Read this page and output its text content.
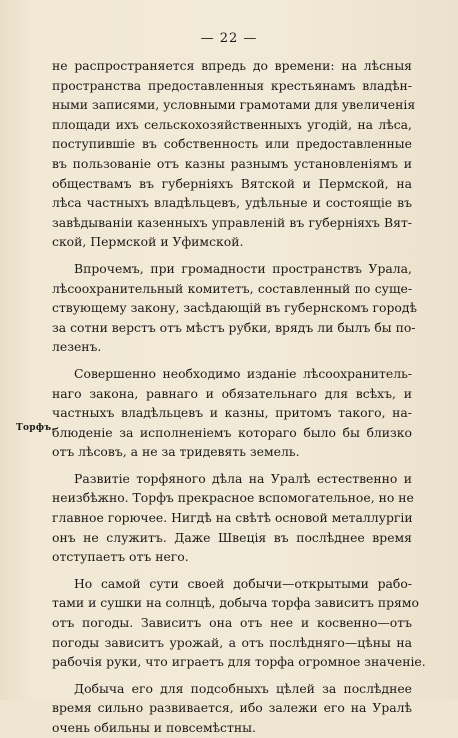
— 22 —
Торфъ.
не распространяется впредь до времени: на лѣсныя
пространства предоставленныя крестьянамъ владѣн-
ными записями, условными грамотами для увеличенія
площади ихъ сельскохозяйственныхъ угодій, на лѣса,
поступившіе въ собственность или предоставленные
въ пользованіе отъ казны разнымъ установленіямъ и
обществамъ въ губерніяхъ Вятской и Пермской, на
лѣса частныхъ владѣльцевъ, удѣльные и состоящіе въ
завѣдываніи казенныхъ управленій въ губерніяхъ Вят-
ской, Пермской и Уфимской.
Впрочемъ, при громадности пространствъ Урала,
лѣсоохранительный комитетъ, составленный по суще-
ствующему закону, засѣдающій въ губернскомъ городѣ
за сотни верстъ отъ мѣстъ рубки, врядъ ли былъ бы по-
лезенъ.
Совершенно необходимо изданіе лѣсоохранитель-
наго закона, равнаго и обязательнаго для всѣхъ, и
частныхъ владѣльцевъ и казны, притомъ такого, на-
блюденіе за исполненіемъ котораго было бы близко
отъ лѣсовъ, а не за тридевять земель.
Развитіе торфяного дѣла на Уралѣ естественно и
неизбѣжно. Торфъ прекрасное вспомогательное, но не
главное горючее. Нигдѣ на свѣтѣ основой металлургіи
онъ не служитъ. Даже Швеція въ послѣднее время
отступаетъ отъ него.
Но самой сути своей добычи—открытыми рабо-
тами и сушки на солнцѣ, добыча торфа зависитъ прямо
отъ погоды. Зависитъ она отъ нее и косвенно—отъ
погоды зависитъ урожай, а отъ послѣдняго—цѣны на
рабочія руки, что играетъ для торфа огромное значеніе.
Добыча его для подсобныхъ цѣлей за послѣднее
время сильно развивается, ибо залежи его на Уралѣ
очень обильны и повсемѣстны.
